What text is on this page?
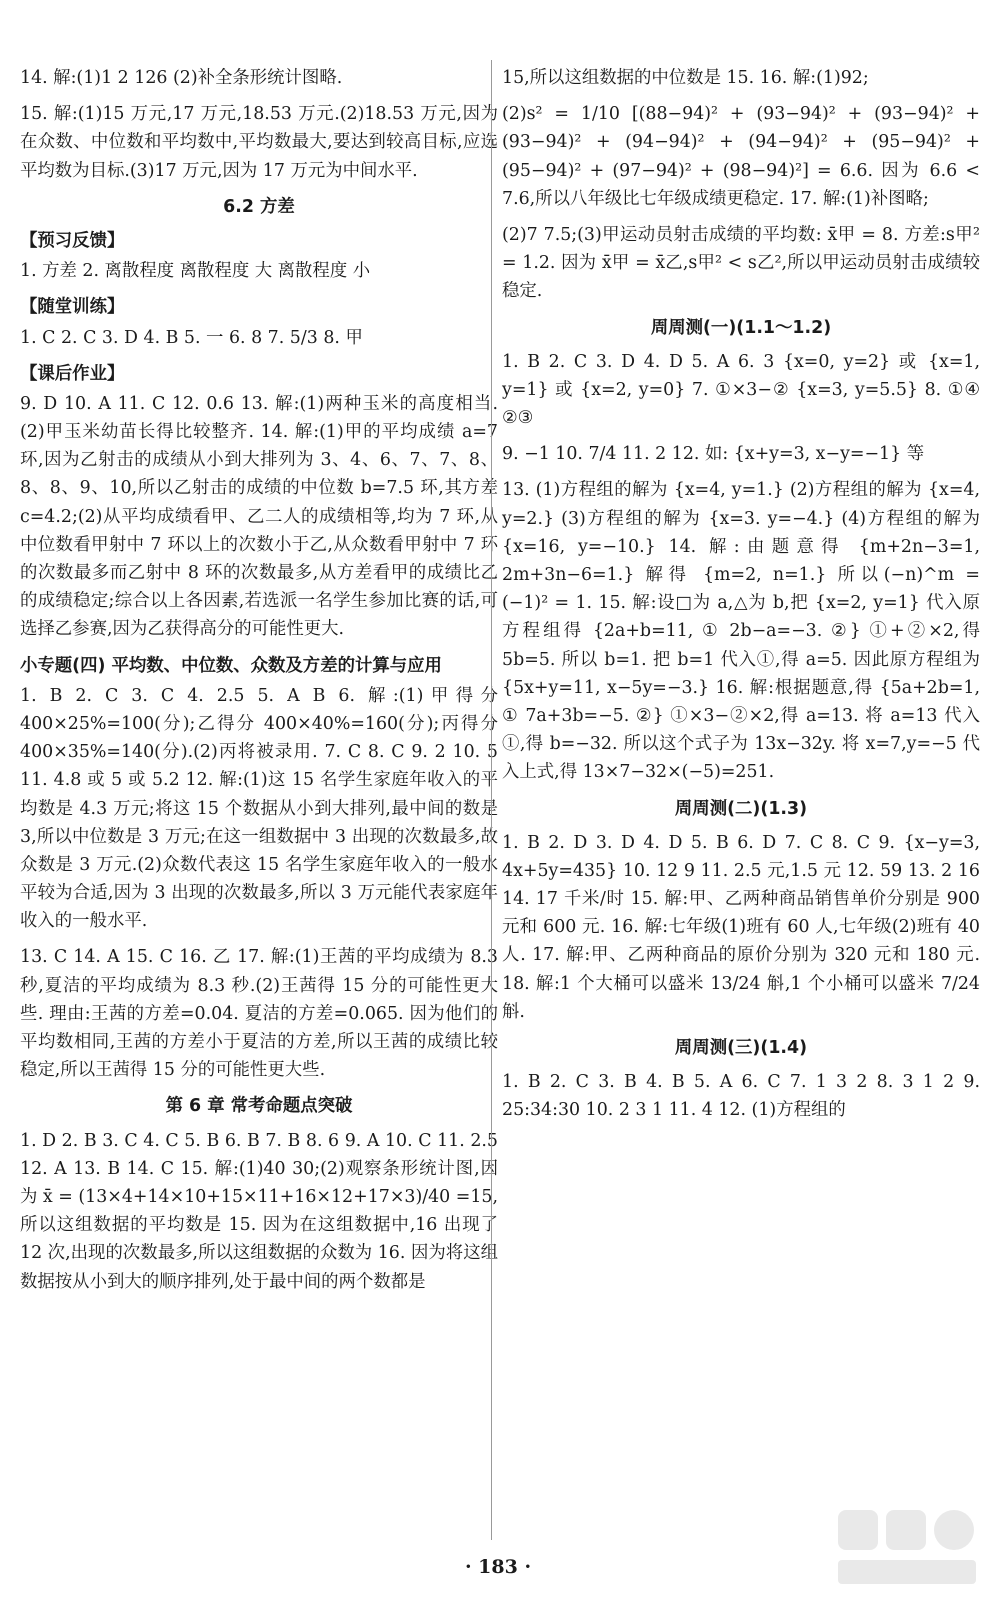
14. 解:(1)1 2 126 (2)补全条形统计图略.
15. 解:(1)15 万元,17 万元,18.53 万元.(2)18.53 万元,因为在众数、中位数和平均数中,平均数最大,要达到较高目标,应选平均数为目标.(3)17 万元,因为 17 万元为中间水平.
6.2 方差
【预习反馈】
1. 方差 2. 离散程度 离散程度 大 离散程度 小
【随堂训练】
1. C 2. C 3. D 4. B 5. 一 6. 8 7. 5/3 8. 甲
【课后作业】
9. D 10. A 11. C 12. 0.6 13. 解:(1)两种玉米的高度相当.(2)甲玉米幼苗长得比较整齐. 14. 解:(1)甲的平均成绩 a=7 环,因为乙射击的成绩从小到大排列为 3、4、6、7、7、8、8、8、9、10,所以乙射击的成绩的中位数 b=7.5 环,其方差 c=4.2;(2)从平均成绩看甲、乙二人的成绩相等,均为 7 环,从中位数看甲射中 7 环以上的次数小于乙,从众数看甲射中 7 环的次数最多而乙射中 8 环的次数最多,从方差看甲的成绩比乙的成绩稳定;综合以上各因素,若选派一名学生参加比赛的话,可选择乙参赛,因为乙获得高分的可能性更大.
小专题(四) 平均数、中位数、众数及方差的计算与应用
1. B 2. C 3. C 4. 2.5 5. A B 6. 解:(1)甲得分 400×25%=100(分);乙得分 400×40%=160(分);丙得分 400×35%=140(分).(2)丙将被录用. 7. C 8. C 9. 2 10. 5 11. 4.8 或 5 或 5.2 12. 解:(1)这 15 名学生家庭年收入的平均数是 4.3 万元;将这 15 个数据从小到大排列,最中间的数是 3,所以中位数是 3 万元;在这一组数据中 3 出现的次数最多,故众数是 3 万元.(2)众数代表这 15 名学生家庭年收入的一般水平较为合适,因为 3 出现的次数最多,所以 3 万元能代表家庭年收入的一般水平.
13. C 14. A 15. C 16. 乙 17. 解:(1)王茜的平均成绩为 8.3 秒,夏洁的平均成绩为 8.3 秒.(2)王茜得 15 分的可能性更大些. 理由:王茜的方差=0.04. 夏洁的方差=0.065. 因为他们的平均数相同,王茜的方差小于夏洁的方差,所以王茜的成绩比较稳定,所以王茜得 15 分的可能性更大些.
第 6 章 常考命题点突破
1. D 2. B 3. C 4. C 5. B 6. B 7. B 8. 6 9. A 10. C 11. 2.5 12. A 13. B 14. C 15. 解:(1)40 30;(2)观察条形统计图,因为 x̄ = (13×4+14×10+15×11+16×12+17×3)/40 =15,所以这组数据的平均数是 15. 因为在这组数据中,16 出现了 12 次,出现的次数最多,所以这组数据的众数为 16. 因为将这组数据按从小到大的顺序排列,处于最中间的两个数都是
15,所以这组数据的中位数是 15. 16. 解:(1)92;
(2)s² = 1/10 [(88−94)² + (93−94)² + (93−94)² + (93−94)² + (94−94)² + (94−94)² + (95−94)² + (95−94)² + (97−94)² + (98−94)²] = 6.6. 因为 6.6 < 7.6,所以八年级比七年级成绩更稳定. 17. 解:(1)补图略;
(2)7 7.5;(3)甲运动员射击成绩的平均数: x̄甲 = 8. 方差:s甲² = 1.2. 因为 x̄甲 = x̄乙,s甲² < s乙²,所以甲运动员射击成绩较稳定.
周周测(一)(1.1～1.2)
1. B 2. C 3. D 4. D 5. A 6. 3 {x=0, y=2} 或 {x=1, y=1} 或 {x=2, y=0} 7. ①×3−② {x=3, y=5.5} 8. ①④ ②③
9. −1 10. 7/4 11. 2 12. 如: {x+y=3, x−y=−1} 等
13. (1)方程组的解为 {x=4, y=1.} (2)方程组的解为 {x=4, y=2.} (3)方程组的解为 {x=3. y=−4.} (4)方程组的解为 {x=16, y=−10.} 14. 解:由题意得 {m+2n−3=1, 2m+3n−6=1.} 解得 {m=2, n=1.} 所以(−n)^m = (−1)² = 1. 15. 解:设□为 a,△为 b,把 {x=2, y=1} 代入原方程组得 {2a+b=11, ① 2b−a=−3. ②} ①+②×2,得 5b=5. 所以 b=1. 把 b=1 代入①,得 a=5. 因此原方程组为 {5x+y=11, x−5y=−3.} 16. 解:根据题意,得 {5a+2b=1, ① 7a+3b=−5. ②} ①×3−②×2,得 a=13. 将 a=13 代入①,得 b=−32. 所以这个式子为 13x−32y. 将 x=7,y=−5 代入上式,得 13×7−32×(−5)=251.
周周测(二)(1.3)
1. B 2. D 3. D 4. D 5. B 6. D 7. C 8. C 9. {x−y=3, 4x+5y=435} 10. 12 9 11. 2.5 元,1.5 元 12. 59 13. 2 16 14. 17 千米/时 15. 解:甲、乙两种商品销售单价分别是 900 元和 600 元. 16. 解:七年级(1)班有 60 人,七年级(2)班有 40 人. 17. 解:甲、乙两种商品的原价分别为 320 元和 180 元. 18. 解:1 个大桶可以盛米 13/24 斛,1 个小桶可以盛米 7/24 斛.
周周测(三)(1.4)
1. B 2. C 3. B 4. B 5. A 6. C 7. 1 3 2 8. 3 1 2 9. 25:34:30 10. 2 3 1 11. 4 12. (1)方程组的
· 183 ·
